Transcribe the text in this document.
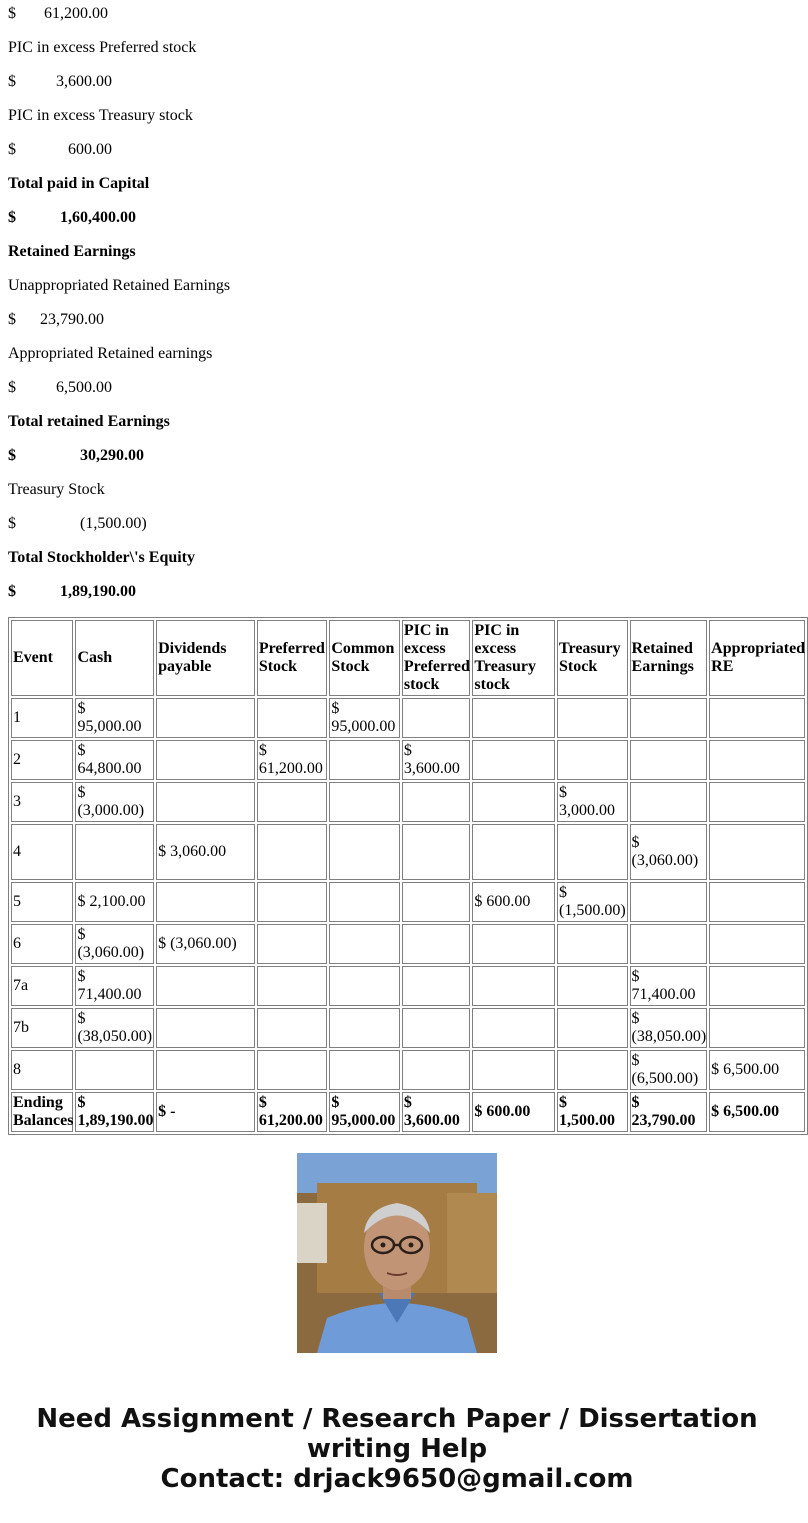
$       61,200.00
PIC in excess Preferred stock
$          3,600.00
PIC in excess Treasury stock
$             600.00
Total paid in Capital
$           1,60,400.00
Retained Earnings
Unappropriated Retained Earnings
$      23,790.00
Appropriated Retained earnings
$          6,500.00
Total retained Earnings
$                30,290.00
Treasury Stock
$                (1,500.00)
Total Stockholder\'s Equity
$           1,89,190.00
Event	Cash	Dividends payable	Preferred Stock	Common Stock	PIC in excess Preferred stock	PIC in excess Treasury stock	Treasury Stock	Retained Earnings	Appropriated RE
1	$ 95,000.00			$ 95,000.00					
2	$ 64,800.00		$ 61,200.00		$ 3,600.00				
3	$ (3,000.00)						$ 3,000.00		
4		$ 3,060.00						$ (3,060.00)	
5	$ 2,100.00					$ 600.00	$ (1,500.00)		
6	$ (3,060.00)	$ (3,060.00)							
7a	$ 71,400.00							$ 71,400.00	
7b	$ (38,050.00)							$ (38,050.00)	
8								$ (6,500.00)	$ 6,500.00
Ending Balances	$ 1,89,190.00	$ -	$ 61,200.00	$ 95,000.00	$ 3,600.00	$ 600.00	$ 1,500.00	$ 23,790.00	$ 6,500.00
Need Assignment / Research Paper / Dissertation
writing Help
Contact: drjack9650@gmail.com
